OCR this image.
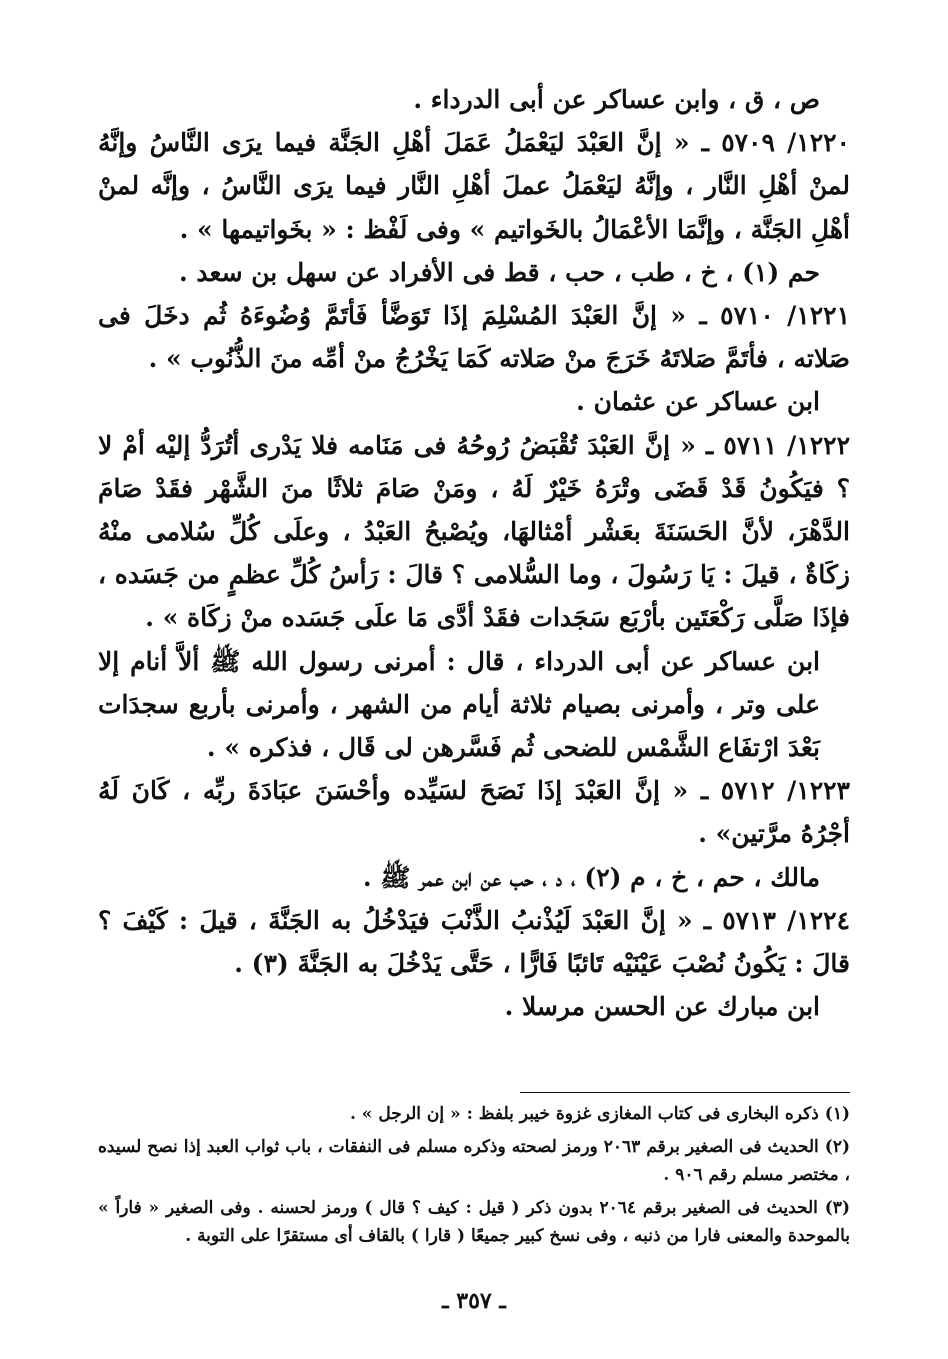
ص ، ق ، وابن عساكر عن أبى الدرداء .

١٢٢٠/ ٥٧٠٩ ـ « إنَّ العَبْدَ ليَعْمَلُ عَمَلَ أهْلِ الجَنَّة فيما يرَى النَّاسُ وإنَّهُ لمنْ أهْلِ النَّار ، وإنَّهُ ليَعْمَلُ عملَ أهْلِ النَّار فيما يرَى النَّاسُ ، وإنَّه لمنْ أهْلِ الجَنَّة ، وإنَّمَا الأعْمَالُ بالخَواتيم » وفى لَفْظ : « بخَواتيمها » .

حم (١) ، خ ، طب ، حب ، قط فى الأفراد عن سهل بن سعد .

١٢٢١/ ٥٧١٠ ـ « إنَّ العَبْدَ المُسْلِمَ إذَا تَوَضَّأ فَأتَمَّ وُضُوءَهُ ثُم دخَلَ فى صَلاته ، فأتَمَّ صَلاتَهُ خَرَجَ منْ صَلاته كَمَا يَخْرُجُ منْ أمِّه منَ الذُّنُوب » .

ابن عساكر عن عثمان .

١٢٢٢/ ٥٧١١ ـ « إنَّ العَبْدَ تُقْبَضُ رُوحُهُ فى مَنَامه فلا يَدْرى أتُرَدُّ إليْه أمْ لا ؟ فيَكُونُ قَدْ قَضَى وتْرَهُ خَيْرٌ لَهُ ، ومَنْ صَامَ ثلاثًا منَ الشَّهْر فقَدْ صَامَ الدَّهْرَ، لأنَّ الحَسَنَةَ بعَشْر أمْثالهَا، ويُصْبحُ العَبْدُ ، وعلَى كُلِّ سُلامى منْهُ زكَاةٌ ، قيلَ : يَا رَسُولَ ، وما السُّلامى ؟ قالَ : رَأسُ كُلِّ عظمٍ من جَسَده ، فإذَا صَلَّى رَكْعَتَين بأرْبَع سَجَدات فقَدْ أدَّى مَا علَى جَسَده منْ زكَاة » .

ابن عساكر عن أبى الدرداء ، قال : أمرنى رسول الله ﷺ ألاَّ أنام إلا على وتر ، وأمرنى بصيام ثلاثة أيام من الشهر ، وأمرنى بأربع سجدَات بَعْدَ ارْتفَاع الشَّمْس للضحى ثُم فَسَّرهن لى قَال ، فذكره » .

١٢٢٣/ ٥٧١٢ ـ « إنَّ العَبْدَ إذَا نَصَحَ لسَيِّده وأحْسَنَ عبَادَةَ ربِّه ، كَانَ لَهُ أجْرُهُ مرَّتين» .

مالك ، حم ، خ ، م (٢) ، د ، حب عن ابن عمر ﷺ .

١٢٢٤/ ٥٧١٣ ـ « إنَّ العَبْدَ لَيُذْنبُ الذَّنْبَ فيَدْخُلُ به الجَنَّةَ ، قيلَ : كَيْفَ ؟ قالَ : يَكُونُ نُصْبَ عَيْنَيْه تَائبًا فَارًّا ، حَتَّى يَدْخُلَ به الجَنَّةَ (٣) .

ابن مبارك عن الحسن مرسلا .

(١) ذكره البخارى فى كتاب المغازى غزوة خيبر بلفظ : « إن الرجل » .

(٢) الحديث فى الصغير برقم ٢٠٦٣ ورمز لصحته وذكره مسلم فى النفقات ، باب ثواب العبد إذا نصح لسيده ، مختصر مسلم رقم ٩٠٦ .

(٣) الحديث فى الصغير برقم ٢٠٦٤ بدون ذكر ( قيل : كيف ؟ قال ) ورمز لحسنه . وفى الصغير « فاراً » بالموحدة والمعنى فارا من ذنبه ، وفى نسخ كبير جميعًا ( قارا ) بالقاف أى مستقرًا على التوبة .

ـ ٣٥٧ ـ
